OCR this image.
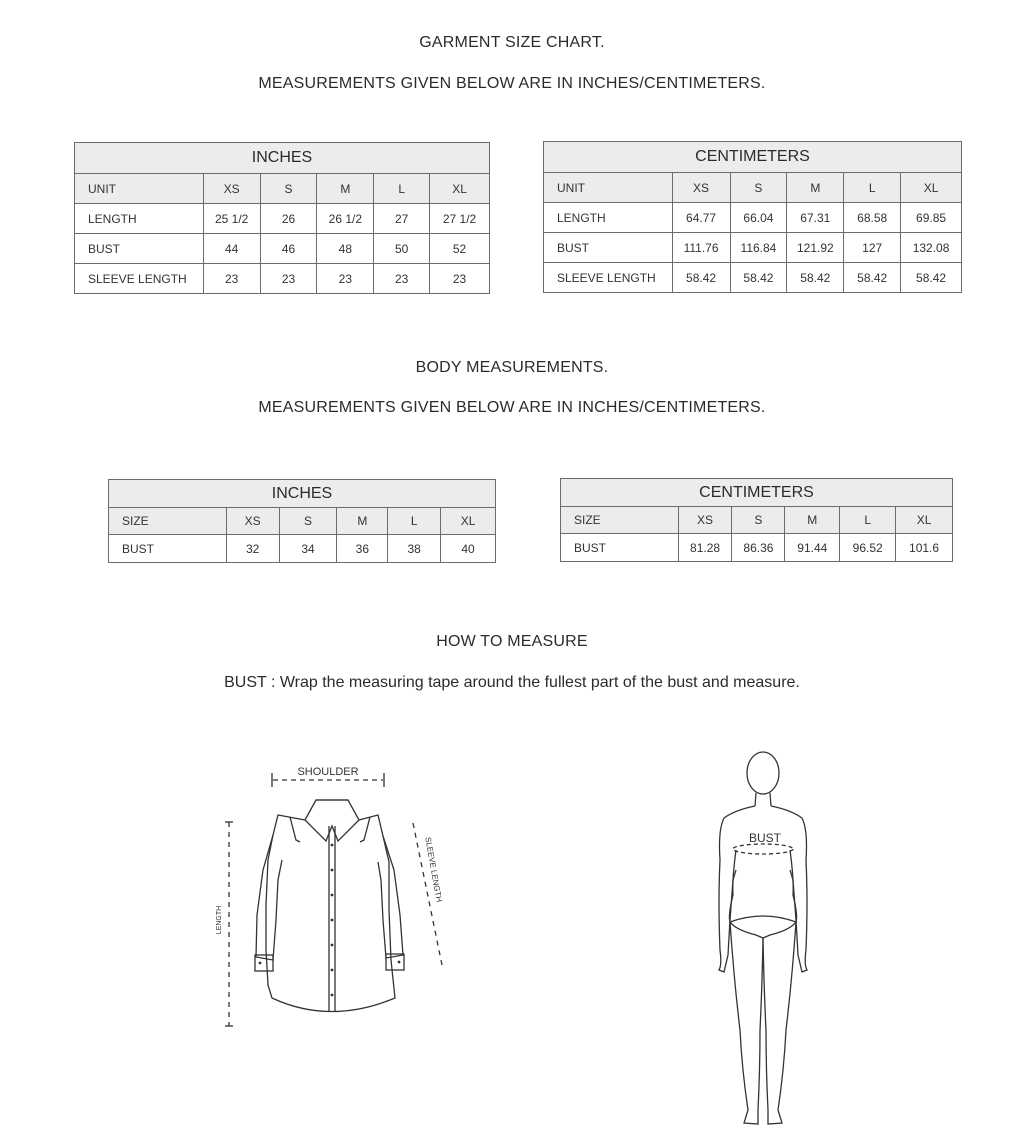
GARMENT SIZE CHART.
MEASUREMENTS GIVEN BELOW ARE IN INCHES/CENTIMETERS.
INCHES					
UNIT	XS	S	M	L	XL
LENGTH	25 1/2	26	26 1/2	27	27 1/2
BUST	44	46	48	50	52
SLEEVE LENGTH	23	23	23	23	23
CENTIMETERS					
UNIT	XS	S	M	L	XL
LENGTH	64.77	66.04	67.31	68.58	69.85
BUST	111.76	116.84	121.92	127	132.08
SLEEVE LENGTH	58.42	58.42	58.42	58.42	58.42
BODY MEASUREMENTS.
MEASUREMENTS GIVEN BELOW ARE IN INCHES/CENTIMETERS.
INCHES					
SIZE	XS	S	M	L	XL
BUST	32	34	36	38	40
CENTIMETERS					
SIZE	XS	S	M	L	XL
BUST	81.28	86.36	91.44	96.52	101.6
HOW TO MEASURE
BUST : Wrap the measuring tape around the fullest part of the bust and measure.
SHOULDER
LENGTH
SLEEVE LENGTH	BUST
